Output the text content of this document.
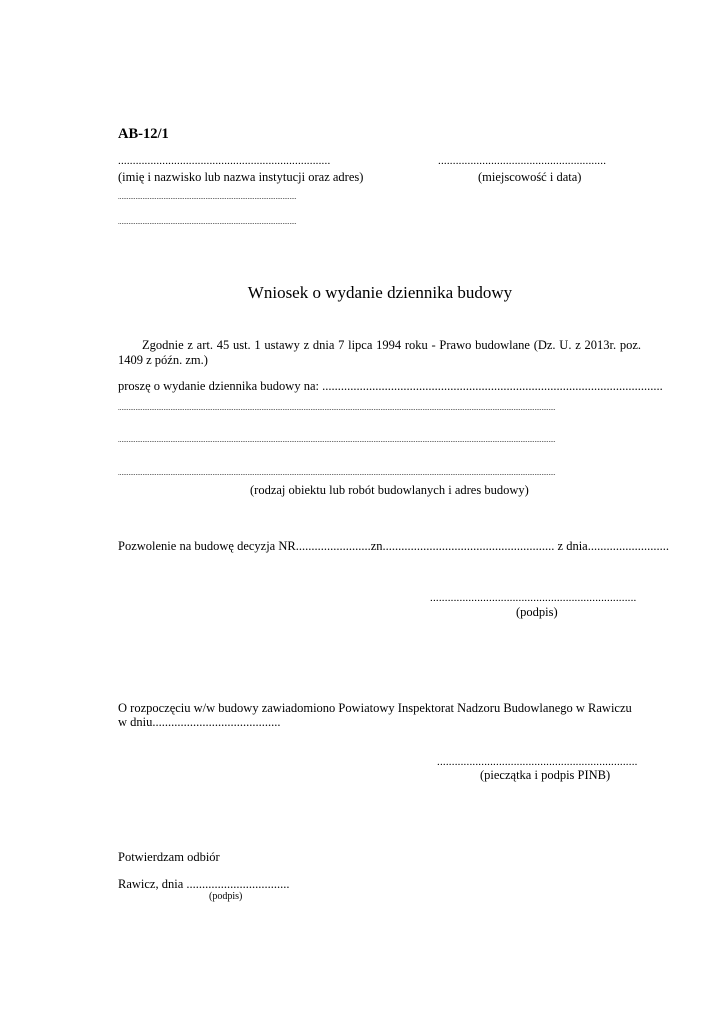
AB-12/1
........................................................................
(imię i nazwisko lub nazwa instytucji oraz adres)
.........................................................
(miejscowość i data)
......................................................................................................
......................................................................................................
Wniosek o wydanie dziennika budowy
Zgodnie z art. 45 ust. 1 ustawy z dnia 7 lipca 1994 roku - Prawo budowlane (Dz. U. z 2013r. poz. 1409 z późn. zm.)
proszę o wydanie dziennika budowy na: .............................................................................................................
..........................................................................................................................................................................................................................................................
..........................................................................................................................................................................................................................................................
..........................................................................................................................................................................................................................................................
(rodzaj obiektu lub robót budowlanych i adres budowy)
Pozwolenie na budowę decyzja NR........................zn....................................................... z dnia..........................
......................................................................
(podpis)
O rozpoczęciu w/w budowy zawiadomiono Powiatowy Inspektorat Nadzoru Budowlanego w Rawiczu
w dniu.........................................
....................................................................
(pieczątka i podpis PINB)
Potwierdzam odbiór
Rawicz, dnia .................................
(podpis)
